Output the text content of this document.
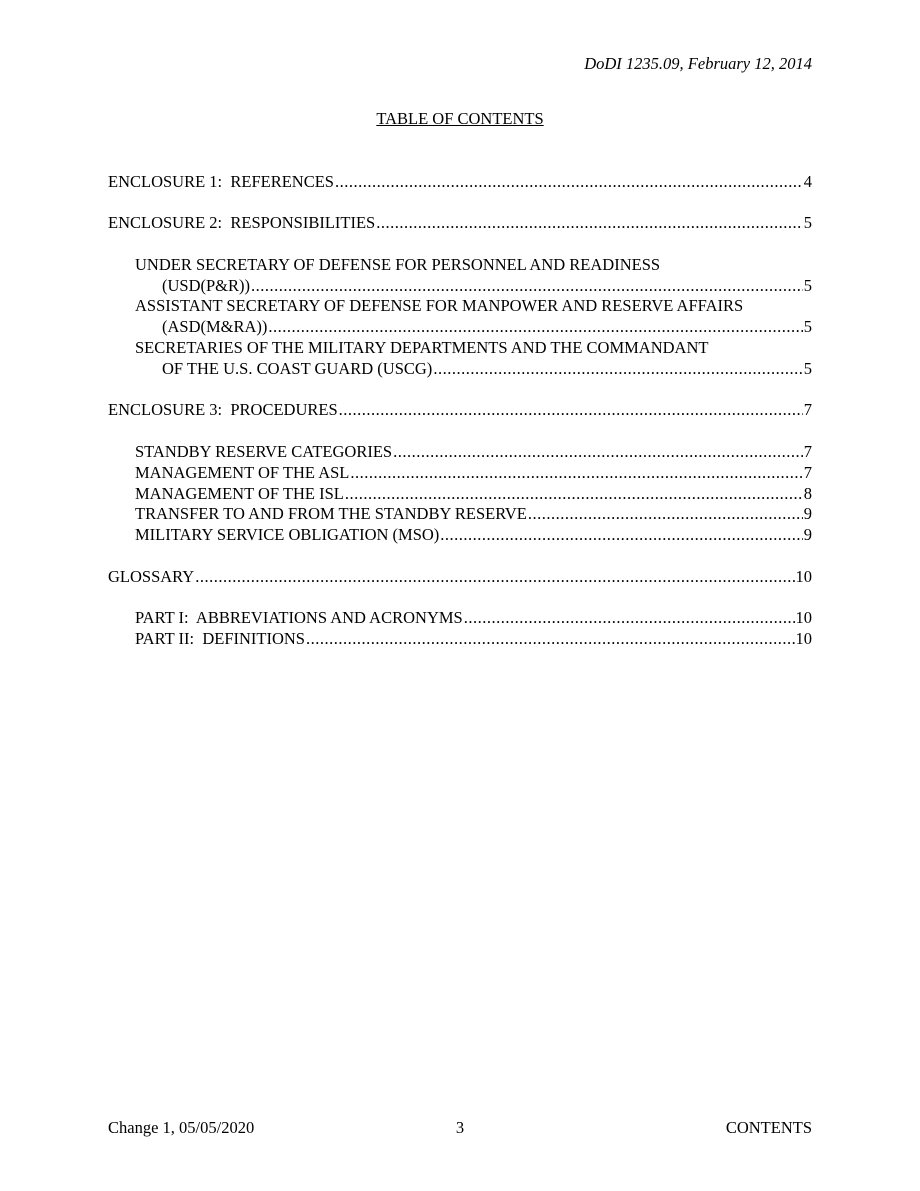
DoDI 1235.09, February 12, 2014
TABLE OF CONTENTS
ENCLOSURE 1:  REFERENCES .....	4
ENCLOSURE 2:  RESPONSIBILITIES .....	5
UNDER SECRETARY OF DEFENSE FOR PERSONNEL AND READINESS
(USD(P&R)) .....	5
ASSISTANT SECRETARY OF DEFENSE FOR MANPOWER AND RESERVE AFFAIRS
(ASD(M&RA)) .....	5
SECRETARIES OF THE MILITARY DEPARTMENTS AND THE COMMANDANT
OF THE U.S. COAST GUARD (USCG) .....	5
ENCLOSURE 3:  PROCEDURES .....	7
STANDBY RESERVE CATEGORIES .....	7
MANAGEMENT OF THE ASL .....	7
MANAGEMENT OF THE ISL .....	8
TRANSFER TO AND FROM THE STANDBY RESERVE .....	9
MILITARY SERVICE OBLIGATION (MSO) .....	9
GLOSSARY .....	10
PART I:  ABBREVIATIONS AND ACRONYMS .....	10
PART II:  DEFINITIONS .....	10
Change 1, 05/05/2020	3	CONTENTS
